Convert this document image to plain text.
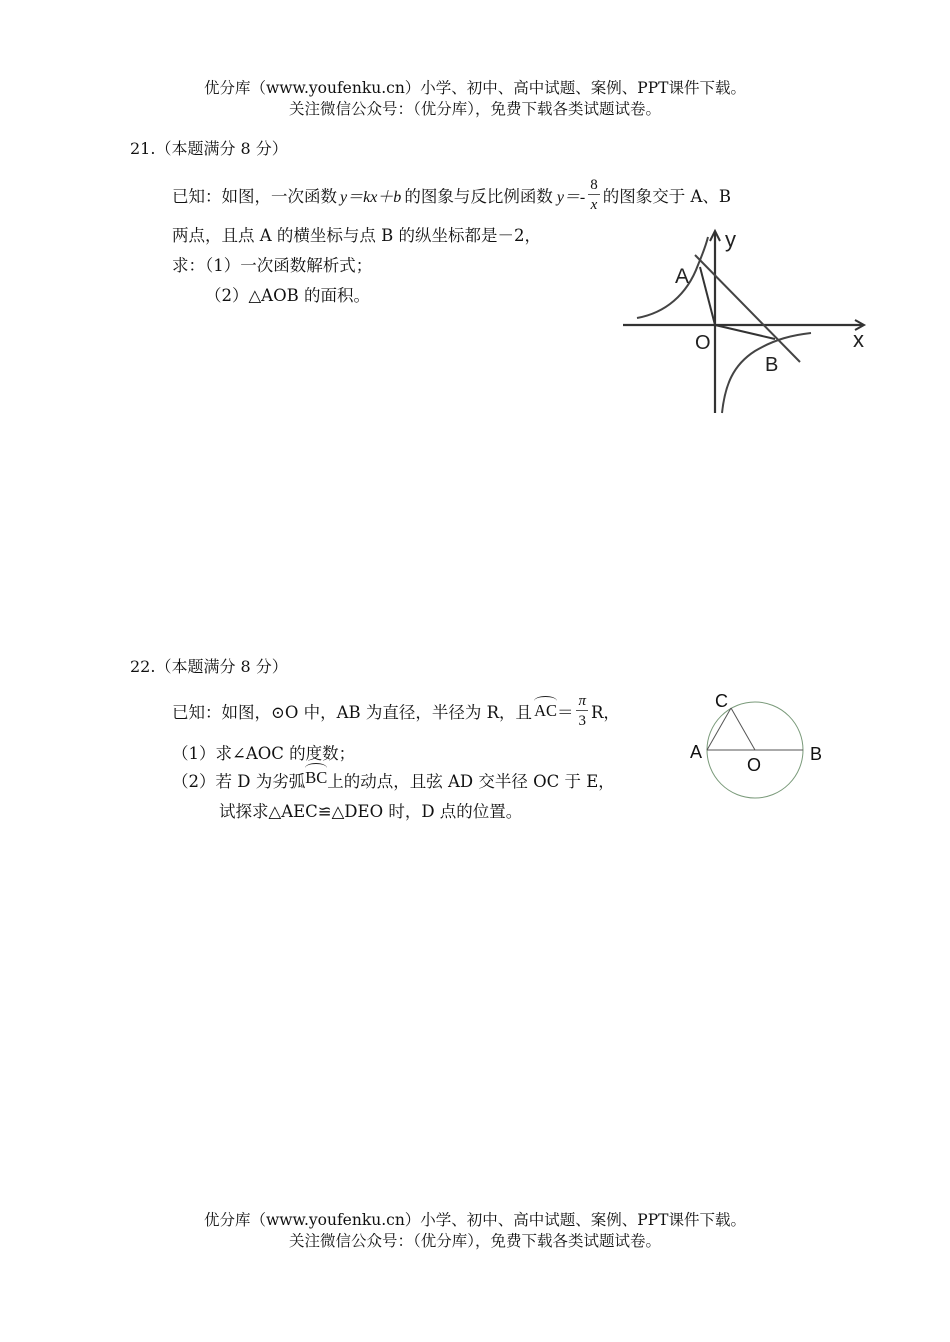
优分库（www.youfenku.cn）小学、初中、高中试题、案例、PPT课件下载。
关注微信公众号：（优分库），免费下载各类试题试卷。
21.（本题满分 8 分）
已知：如图，一次函数 y＝kx＋b 的图象与反比例函数 $y=- \frac{8}{x}$ 的图象交于 A、B
两点，且点 A 的横坐标与点 B 的纵坐标都是－2，
求：（1）一次函数解析式；
（2）△AOB 的面积。
y
x
O
A
B
22.（本题满分 8 分）
已知：如图，⊙O 中，AB 为直径，半径为 R，且 AC ＝ $\frac{\pi}{3}$ R，
（1）求∠AOC 的度数；
（2）若 D 为劣弧 BC 上的动点，且弦 AD 交半径 OC 于 E，
试探求△AEC≌△DEO 时，D 点的位置。
C
A
O
B
优分库（www.youfenku.cn）小学、初中、高中试题、案例、PPT课件下载。
关注微信公众号：（优分库），免费下载各类试题试卷。
